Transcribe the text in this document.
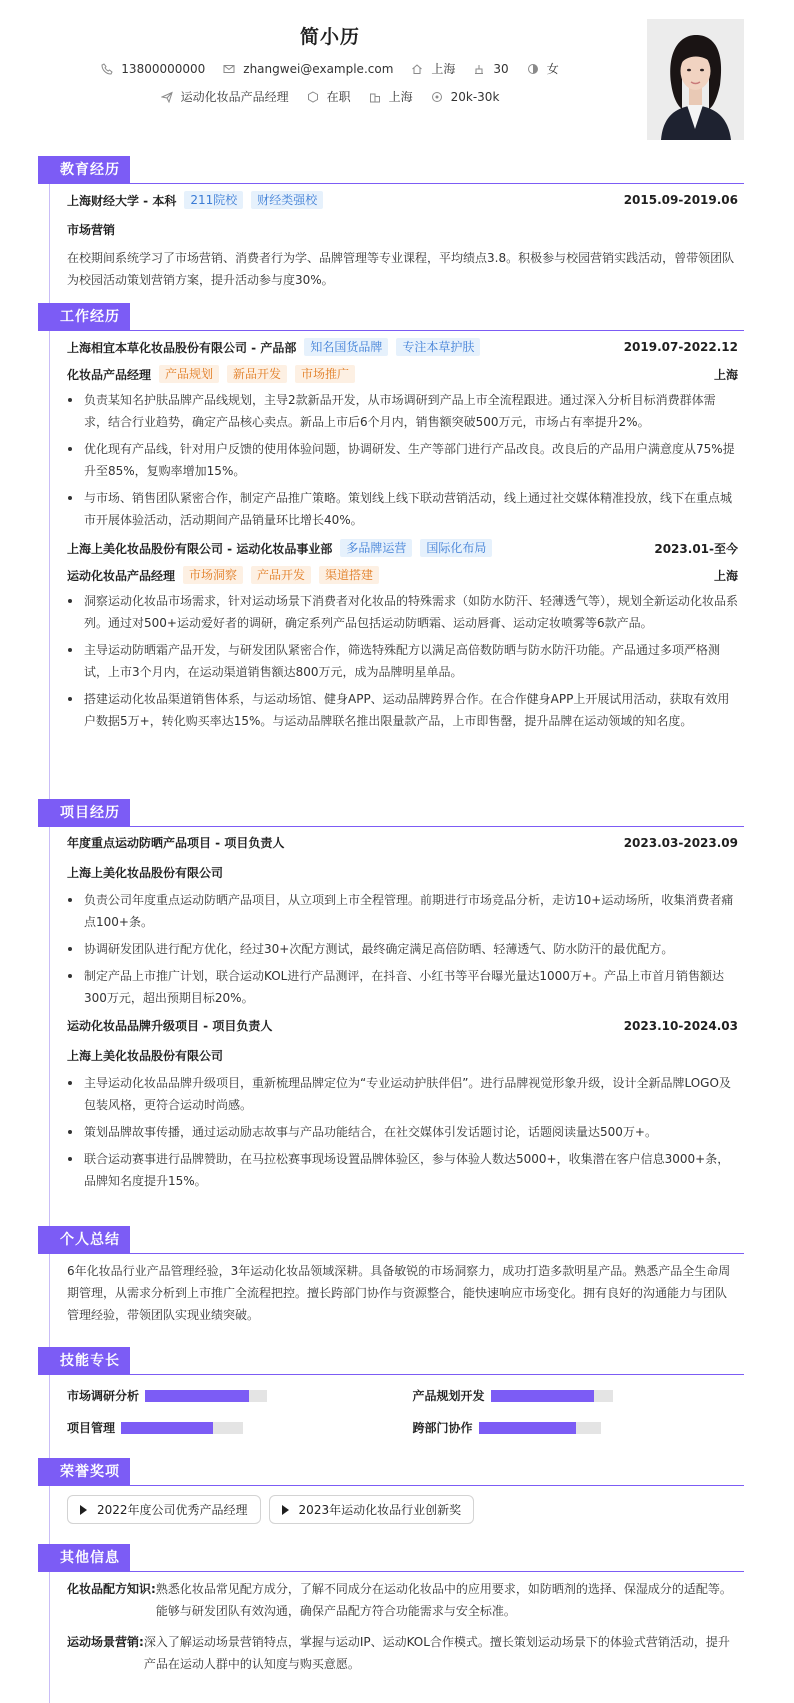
简小历
13800000000	zhangwei@example.com	上海	30	女
运动化妆品产品经理	在职	上海	20k-30k
教育经历
上海财经大学 - 本科	211院校	财经类强校	2015.09-2019.06
市场营销
在校期间系统学习了市场营销、消费者行为学、品牌管理等专业课程，平均绩点3.8。积极参与校园营销实践活动，曾带领团队为校园活动策划营销方案，提升活动参与度30%。
工作经历
上海相宜本草化妆品股份有限公司 - 产品部	知名国货品牌	专注本草护肤	2019.07-2022.12
化妆品产品经理	产品规划	新品开发	市场推广	上海
负责某知名护肤品牌产品线规划，主导2款新品开发，从市场调研到产品上市全流程跟进。通过深入分析目标消费群体需求，结合行业趋势，确定产品核心卖点。新品上市后6个月内，销售额突破500万元，市场占有率提升2%。
优化现有产品线，针对用户反馈的使用体验问题，协调研发、生产等部门进行产品改良。改良后的产品用户满意度从75%提升至85%，复购率增加15%。
与市场、销售团队紧密合作，制定产品推广策略。策划线上线下联动营销活动，线上通过社交媒体精准投放，线下在重点城市开展体验活动，活动期间产品销量环比增长40%。
上海上美化妆品股份有限公司 - 运动化妆品事业部	多品牌运营	国际化布局	2023.01-至今
运动化妆品产品经理	市场洞察	产品开发	渠道搭建	上海
洞察运动化妆品市场需求，针对运动场景下消费者对化妆品的特殊需求（如防水防汗、轻薄透气等），规划全新运动化妆品系列。通过对500+运动爱好者的调研，确定系列产品包括运动防晒霜、运动唇膏、运动定妆喷雾等6款产品。
主导运动防晒霜产品开发，与研发团队紧密合作，筛选特殊配方以满足高倍数防晒与防水防汗功能。产品通过多项严格测试，上市3个月内，在运动渠道销售额达800万元，成为品牌明星单品。
搭建运动化妆品渠道销售体系，与运动场馆、健身APP、运动品牌跨界合作。在合作健身APP上开展试用活动，获取有效用户数据5万+，转化购买率达15%。与运动品牌联名推出限量款产品，上市即售罄，提升品牌在运动领域的知名度。
项目经历
年度重点运动防晒产品项目 - 项目负责人	2023.03-2023.09
上海上美化妆品股份有限公司
负责公司年度重点运动防晒产品项目，从立项到上市全程管理。前期进行市场竞品分析，走访10+运动场所，收集消费者痛点100+条。
协调研发团队进行配方优化，经过30+次配方测试，最终确定满足高倍防晒、轻薄透气、防水防汗的最优配方。
制定产品上市推广计划，联合运动KOL进行产品测评，在抖音、小红书等平台曝光量达1000万+。产品上市首月销售额达300万元，超出预期目标20%。
运动化妆品品牌升级项目 - 项目负责人	2023.10-2024.03
上海上美化妆品股份有限公司
主导运动化妆品品牌升级项目，重新梳理品牌定位为“专业运动护肤伴侣”。进行品牌视觉形象升级，设计全新品牌LOGO及包装风格，更符合运动时尚感。
策划品牌故事传播，通过运动励志故事与产品功能结合，在社交媒体引发话题讨论，话题阅读量达500万+。
联合运动赛事进行品牌赞助，在马拉松赛事现场设置品牌体验区，参与体验人数达5000+，收集潜在客户信息3000+条，品牌知名度提升15%。
个人总结
6年化妆品行业产品管理经验，3年运动化妆品领域深耕。具备敏锐的市场洞察力，成功打造多款明星产品。熟悉产品全生命周期管理，从需求分析到上市推广全流程把控。擅长跨部门协作与资源整合，能快速响应市场变化。拥有良好的沟通能力与团队管理经验，带领团队实现业绩突破。
技能专长
市场调研分析	产品规划开发
项目管理	跨部门协作
荣誉奖项
2022年度公司优秀产品经理	2023年运动化妆品行业创新奖
其他信息
化妆品配方知识: 熟悉化妆品常见配方成分，了解不同成分在运动化妆品中的应用要求，如防晒剂的选择、保湿成分的适配等。能够与研发团队有效沟通，确保产品配方符合功能需求与安全标准。
运动场景营销: 深入了解运动场景营销特点，掌握与运动IP、运动KOL合作模式。擅长策划运动场景下的体验式营销活动，提升产品在运动人群中的认知度与购买意愿。
